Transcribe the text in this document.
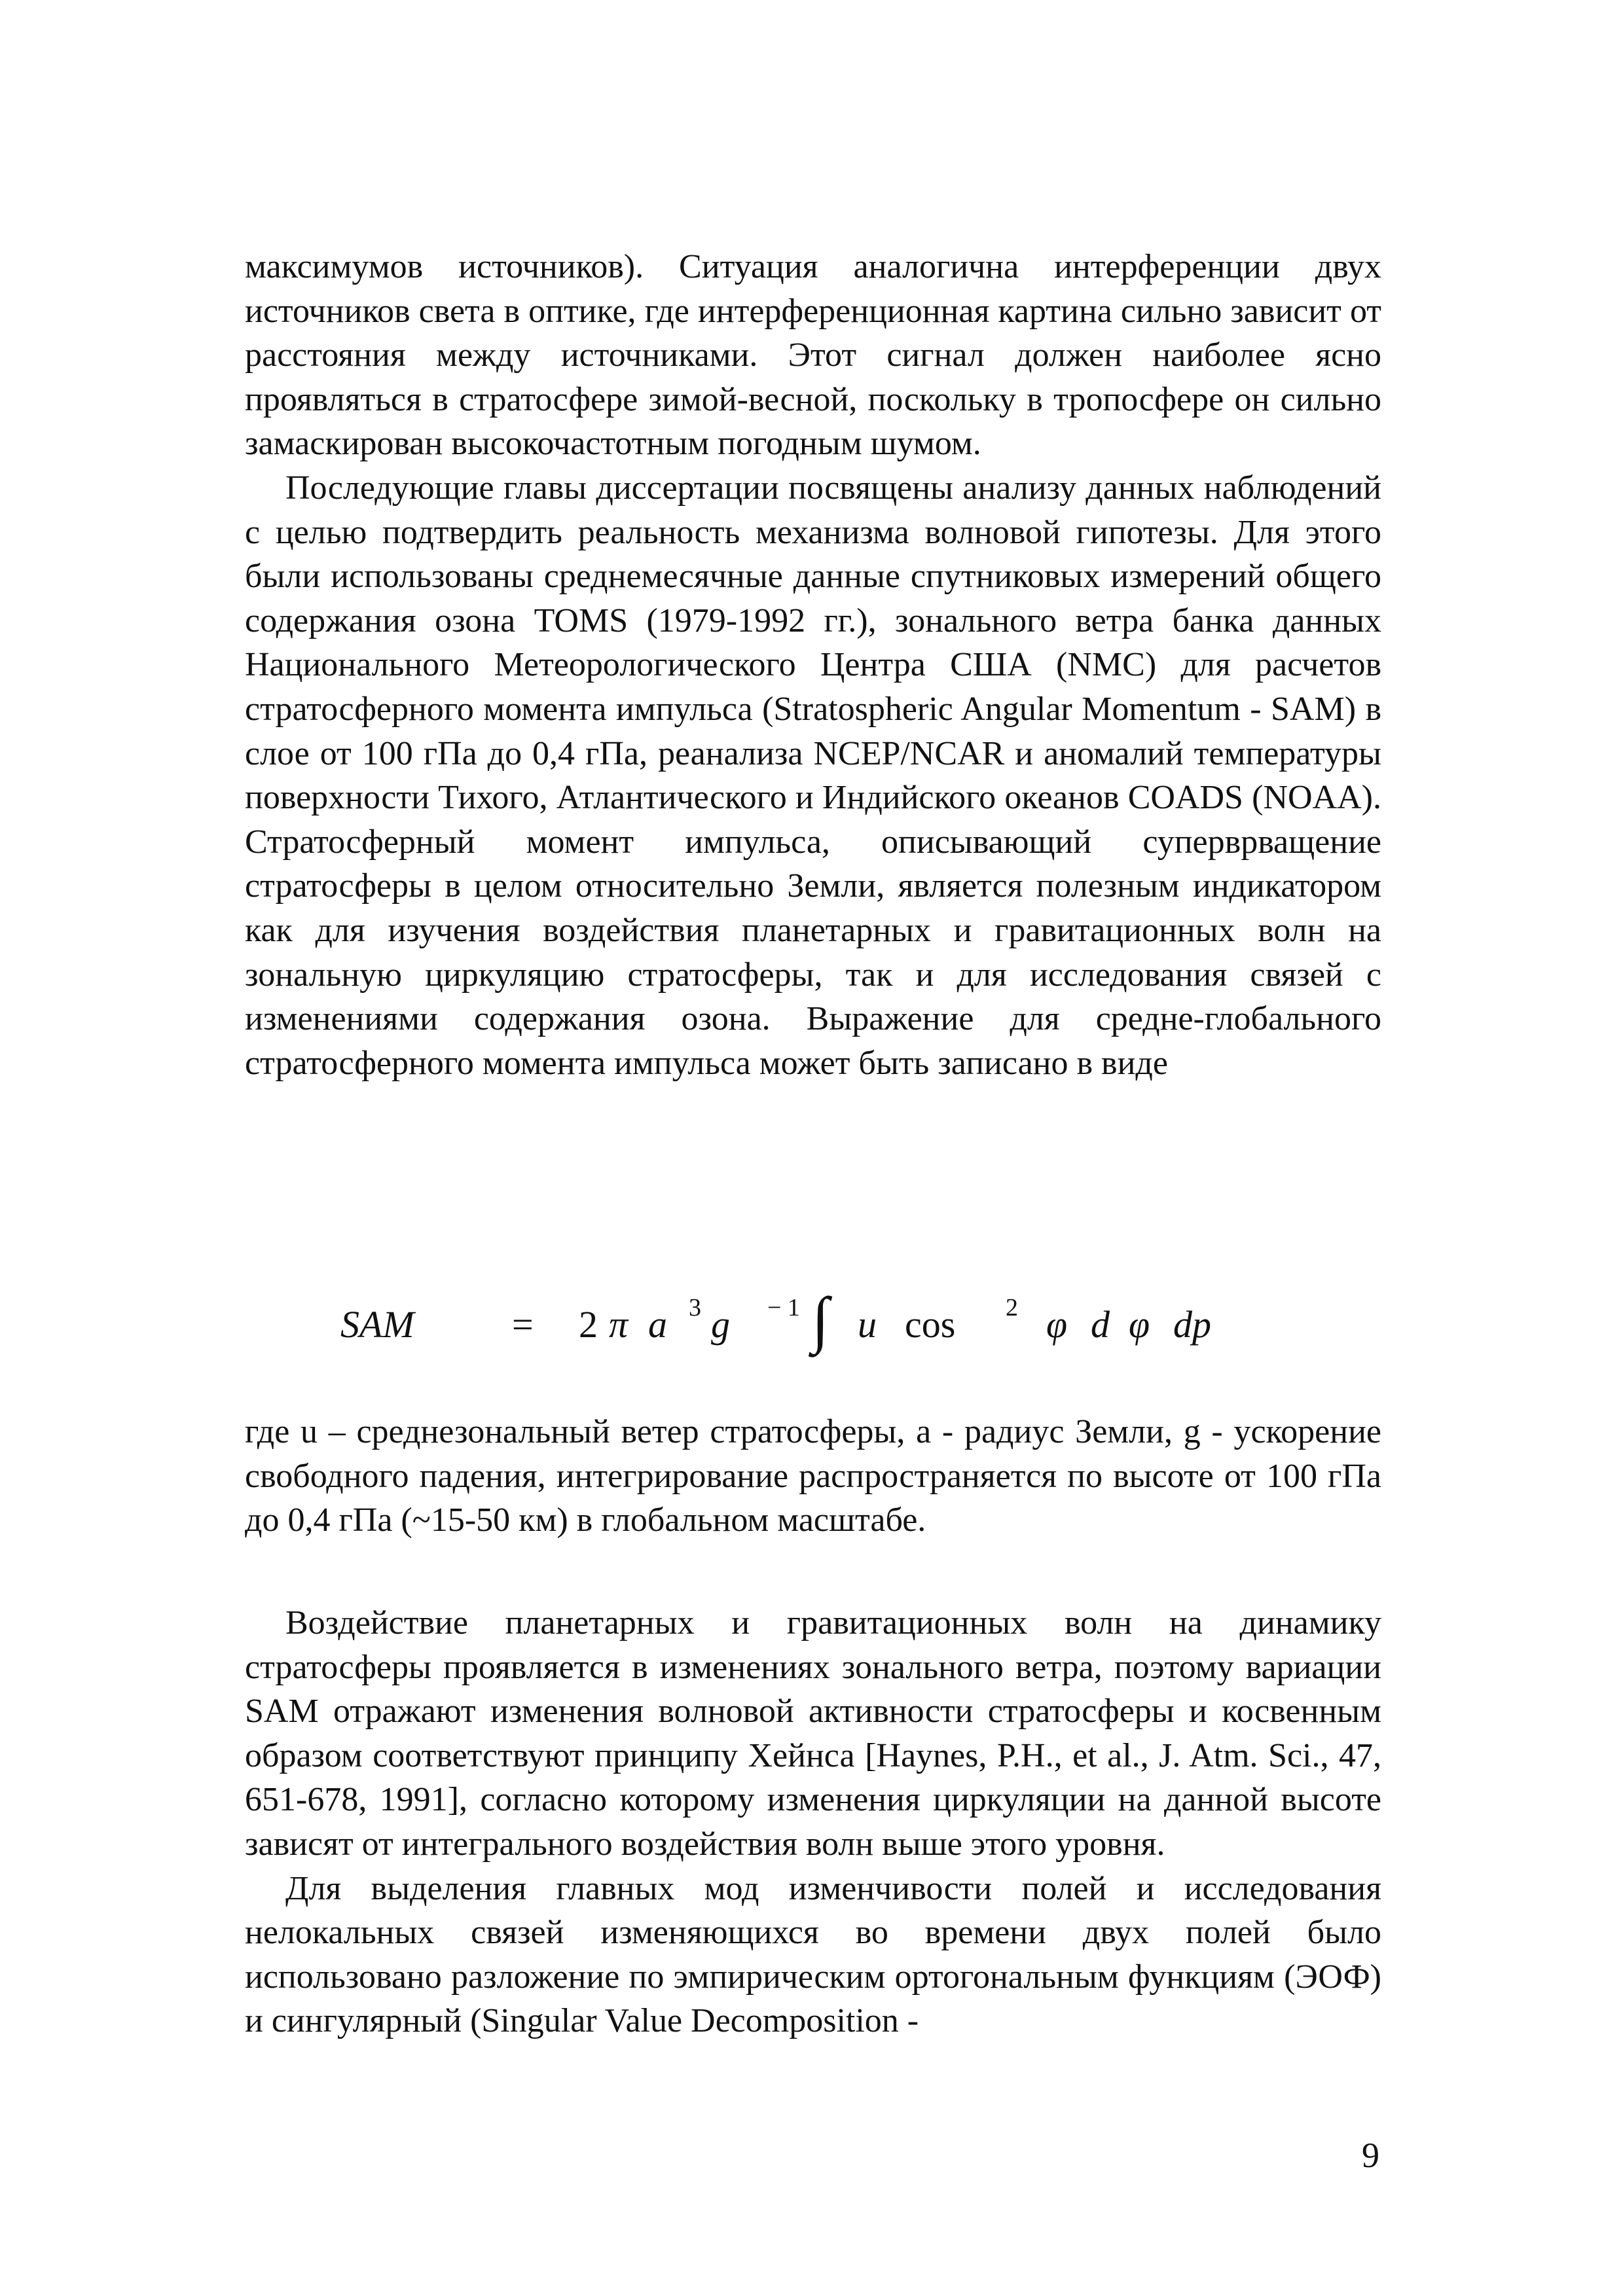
максимумов источников). Ситуация аналогична интерференции двух источников света в оптике, где интерференционная картина сильно зависит от расстояния между источниками. Этот сигнал должен наиболее ясно проявляться в стратосфере зимой-весной, поскольку в тропосфере он сильно замаскирован высокочастотным погодным шумом.

Последующие главы диссертации посвящены анализу данных наблюдений с целью подтвердить реальность механизма волновой гипотезы. Для этого были использованы среднемесячные данные спутниковых измерений общего содержания озона TOMS (1979-1992 гг.), зонального ветра банка данных Национального Метеорологического Центра США (NMC) для расчетов стратосферного момента импульса (Stratospheric Angular Momentum - SAM) в слое от 100 гПа до 0,4 гПа, реанализа NCEP/NCAR и аномалий температуры поверхности Тихого, Атлантического и Индийского океанов COADS (NOAA). Стратосферный момент импульса, описывающий суперврващение стратосферы в целом относительно Земли, является полезным индикатором как для изучения воздействия планетарных и гравитационных волн на зональную циркуляцию стратосферы, так и для исследования связей с изменениями содержания озона. Выражение для средне-глобального стратосферного момента импульса может быть записано в виде

SAM	= 2 π a 3 g − 1 ∫ u cos 2 φ d φ dp

где u – среднезональный ветер стратосферы, a - радиус Земли, g - ускорение свободного падения, интегрирование распространяется по высоте от 100 гПа до 0,4 гПа (~15-50 км) в глобальном масштабе.

Воздействие планетарных и гравитационных волн на динамику стратосферы проявляется в изменениях зонального ветра, поэтому вариации SAM отражают изменения волновой активности стратосферы и косвенным образом соответствуют принципу Хейнса [Haynes, P.H., et al., J. Atm. Sci., 47, 651-678, 1991], согласно которому изменения циркуляции на данной высоте зависят от интегрального воздействия волн выше этого уровня.

Для выделения главных мод изменчивости полей и исследования нелокальных связей изменяющихся во времени двух полей было использовано разложение по эмпирическим ортогональным функциям (ЭОФ) и сингулярный (Singular Value Decomposition -

9
